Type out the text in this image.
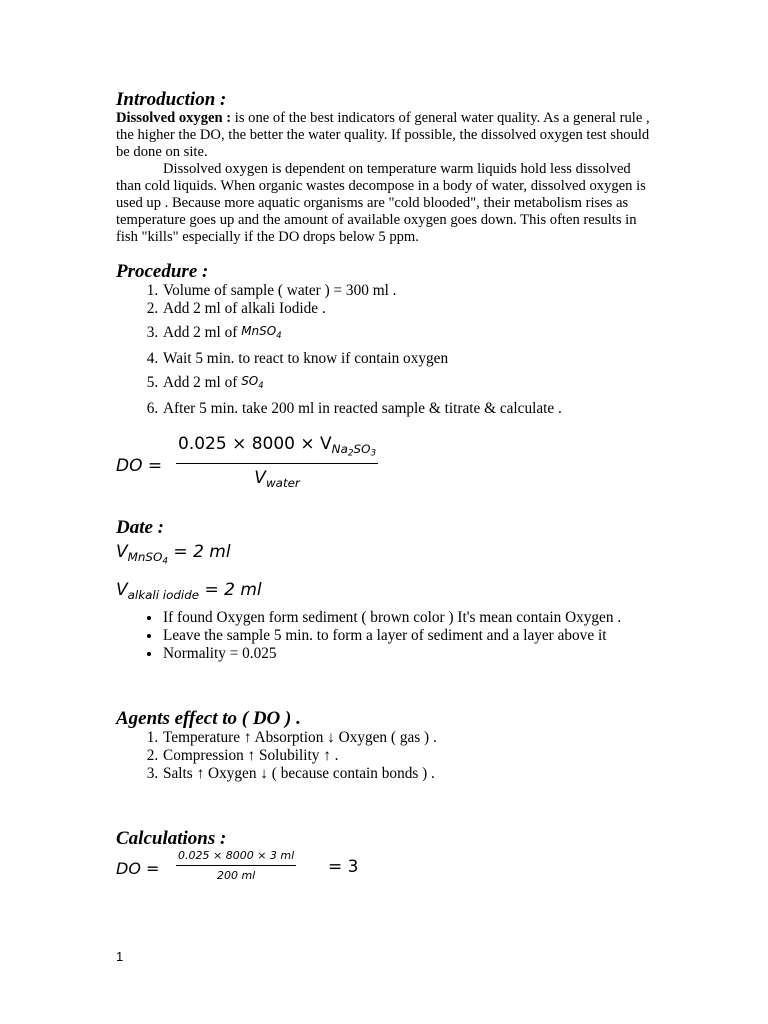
Introduction :

Dissolved oxygen : is one of the best indicators of general water quality. As a general rule , the higher the DO, the better the water quality. If possible, the dissolved oxygen test should be done on site.

Dissolved oxygen is dependent on temperature warm liquids hold less dissolved than cold liquids. When organic wastes decompose in a body of water, dissolved oxygen is used up . Because more aquatic organisms are "cold blooded", their metabolism rises as temperature goes up and the amount of available oxygen goes down. This often results in fish "kills" especially if the DO drops below 5 ppm.

Procedure :
1. Volume of sample ( water ) = 300 ml .
2. Add 2 ml of alkali Iodide .
3. Add 2 ml of MnSO$_4$
4. Wait 5 min. to react to know if contain oxygen
5. Add 2 ml of $SO_4$
6. After 5 min. take 200 ml in reacted sample & titrate & calculate .
DO =
$0.025 \times 8000 \times V_{Na_2SO_3}$
$V_{water}$
Date :
$V_{MnSO_4} = 2$ ml
$V_{alkali iodide} = 2$ ml
• If found Oxygen form sediment ( brown color ) It's mean contain Oxygen .
• Leave the sample 5 min. to form a layer of sediment and a layer above it
• Normality = 0.025
Agents effect to ( DO ) .
1. Temperature ↑ Absorption ↓ Oxygen ( gas ) .
2. Compression ↑ Solubility ↑ .
3. Salts ↑ Oxygen ↓ ( because contain bonds ) .
Calculations :
DO = $\frac{0.025 \times 8000 \times 3 ml}{200 ml} = 3$
1
